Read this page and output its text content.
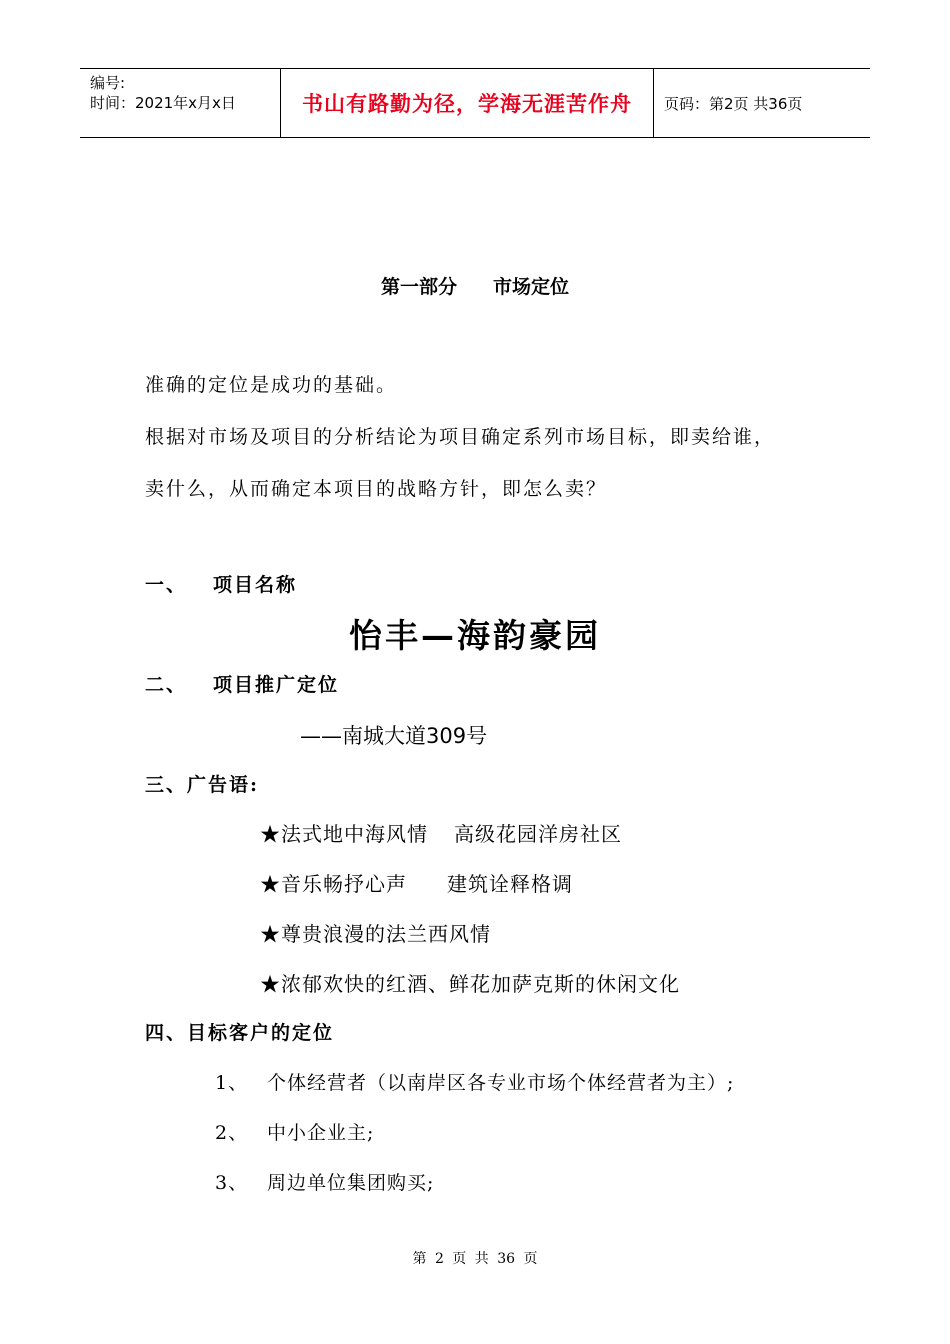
编号:
时间：2021年x月x日	书山有路勤为径，学海无涯苦作舟	页码：第2页 共36页
第一部分 市场定位
准确的定位是成功的基础。
根据对市场及项目的分析结论为项目确定系列市场目标，即卖给谁，
卖什么，从而确定本项目的战略方针，即怎么卖？
一、 项目名称
怡丰—海韵豪园
二、 项目推广定位
——南城大道309号
三、广告语:
★法式地中海风情 高级花园洋房社区
★音乐畅抒心声 建筑诠释格调
★尊贵浪漫的法兰西风情
★浓郁欢快的红酒、鲜花加萨克斯的休闲文化
四、目标客户的定位
1、 个体经营者（以南岸区各专业市场个体经营者为主）;
2、 中小企业主;
3、 周边单位集团购买;
第 2 页 共 36 页
